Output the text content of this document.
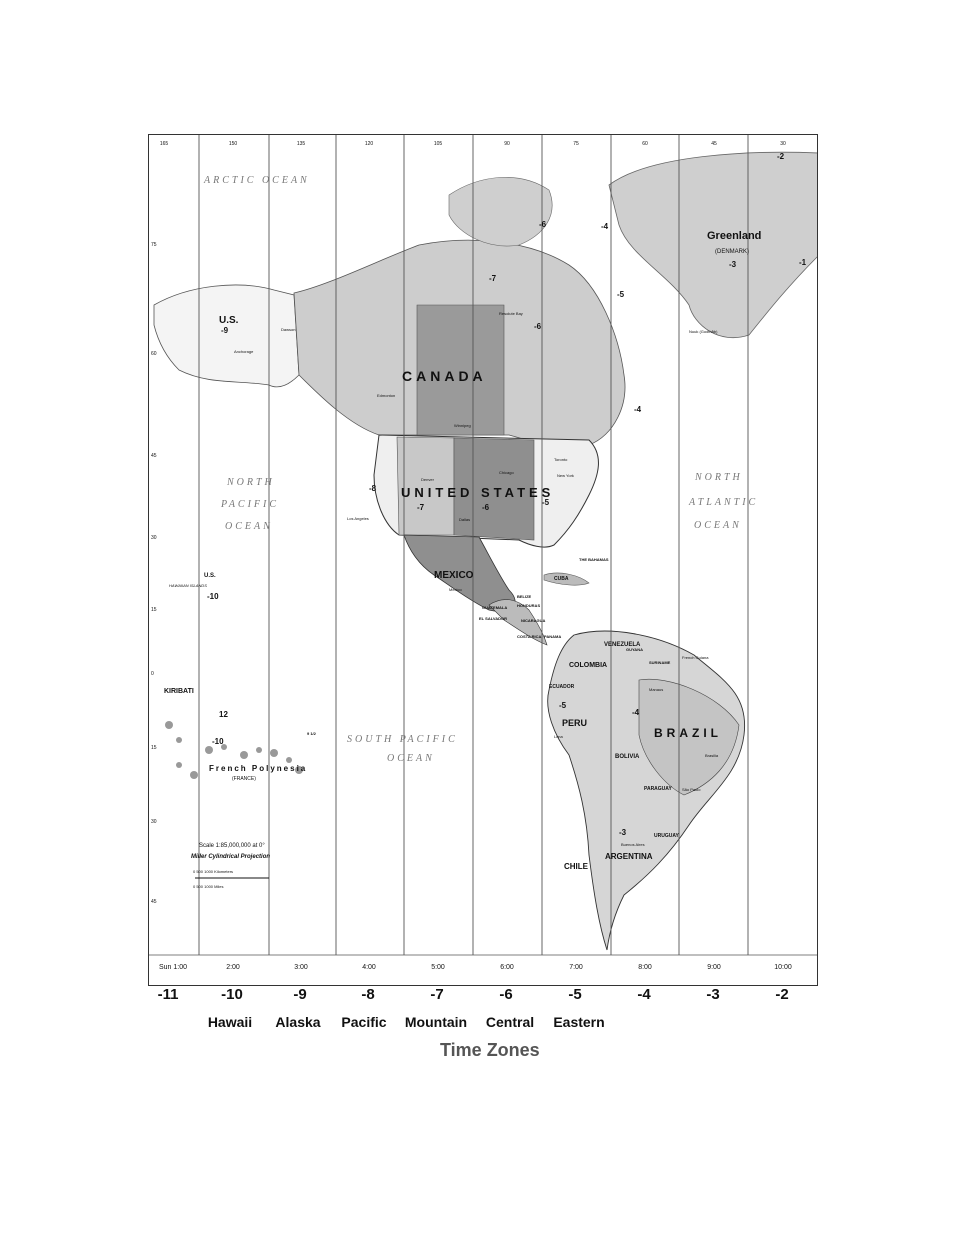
ARCTIC OCEAN
NORTH
PACIFIC
OCEAN
SOUTH PACIFIC
OCEAN
NORTH
ATLANTIC
OCEAN
Greenland
(DENMARK)
CANADA
UNITED STATES
U.S.
MEXICO
BRAZIL
ARGENTINA
CHILE
PERU
COLOMBIA
VENEZUELA
BOLIVIA
ECUADOR
PARAGUAY
URUGUAY
KIRIBATI
French Polynesia
(FRANCE)
U.S.
HAWAIIAN ISLANDS
CUBA
THE BAHAMAS
BELIZE
HONDURAS
GUATEMALA
EL SALVADOR	NICARAGUA
COSTA RICA PANAMA
GUYANA
SURINAME
French Guiana
Anchorage
Dawson
Edmonton
Winnipeg
Denver
Chicago
Toronto
New York
Los Angeles	Dallas
Mexico
Lima
Brasilia
São Paulo
Buenos Aires
Manaus
Resolute Bay
Nuuk (Godthåb)
-2
-6	-4
-3	-1
-9
-7
-6
-5
-4
-8
-7	-6
-5
-10
-10
12
9 1/2
-5
-4
-3
Scale 1:85,000,000 at 0°
Miller Cylindrical Projection
0 500 1000 Kilometers
0 500 1000 Miles
Sun 1:00	2:00	3:00	4:00	5:00	6:00	7:00	8:00	9:00	10:00
165	150	135	120	105	90	75	60	45	30
75
60
45
30
15
0
15
30
45
-11	-10	-9	-8	-7	-6	-5	-4	-3	-2
Hawaii Alaska Pacific Mountain Central Eastern
Time Zones
